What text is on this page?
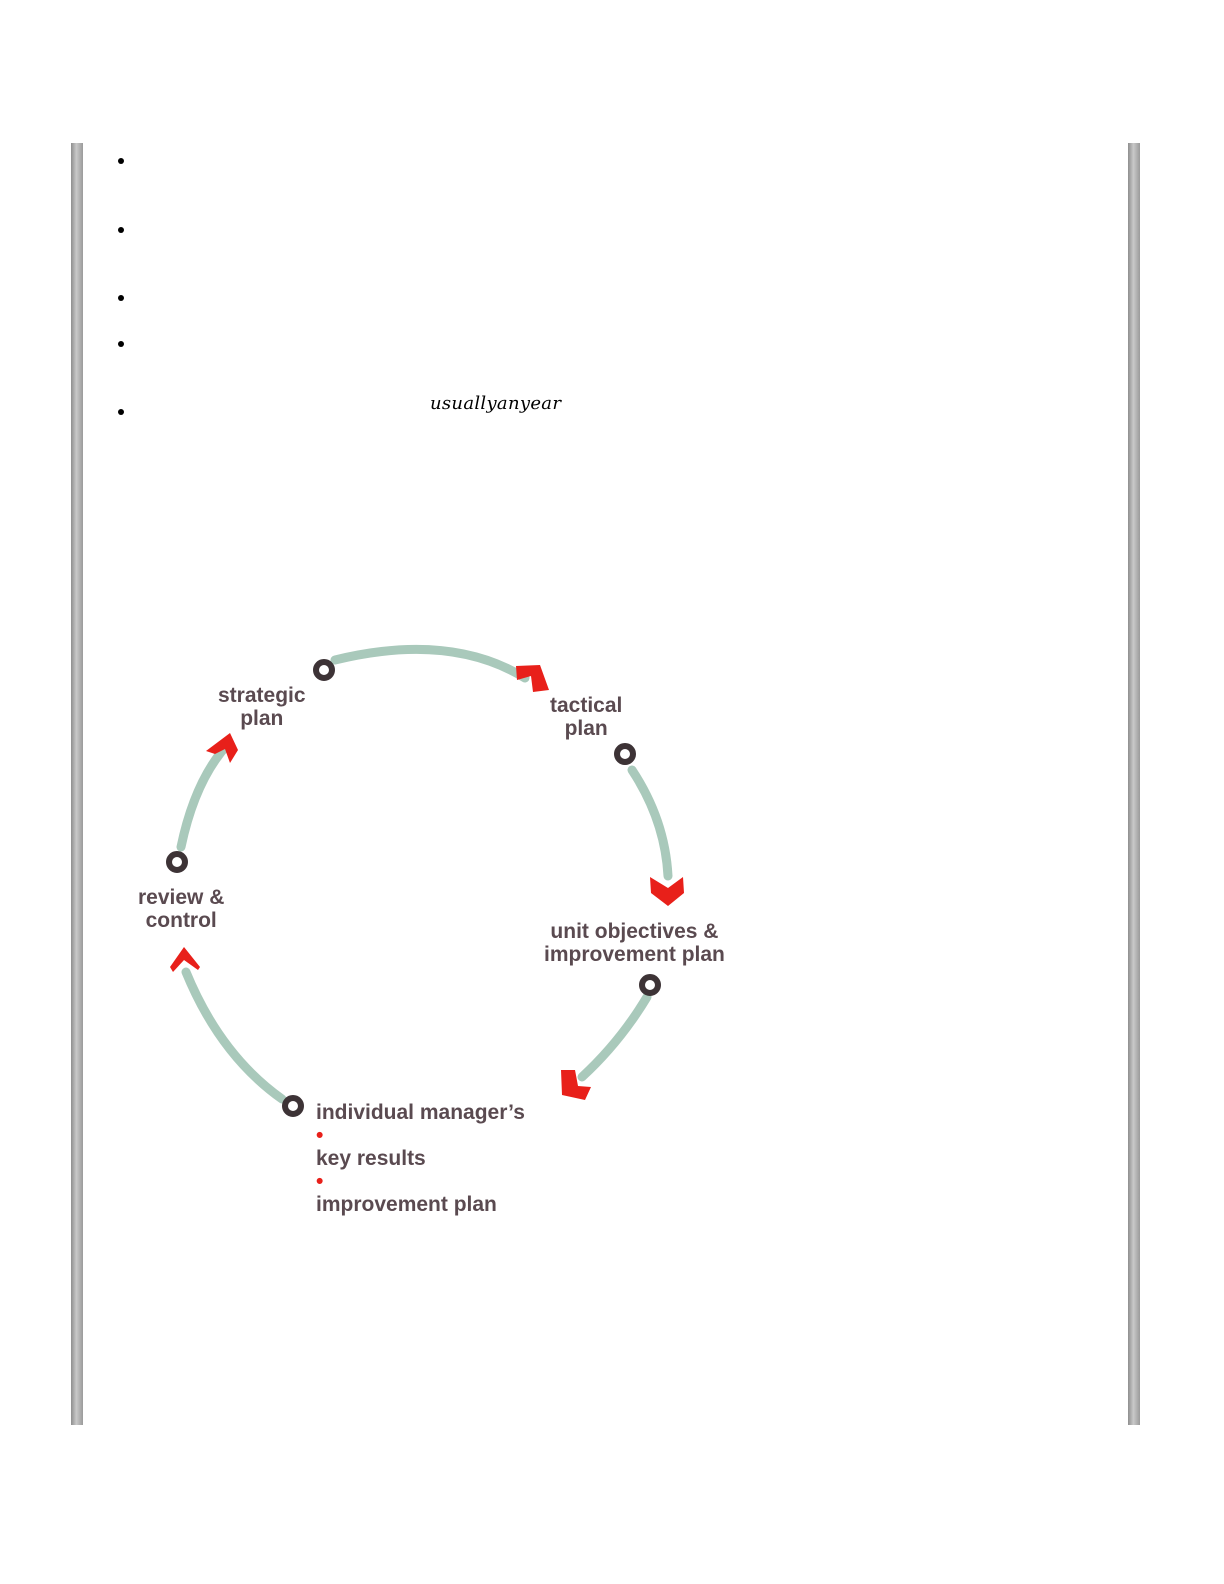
usuallyanyear
strategic
plan
tactical
plan
unit objectives &
improvement plan
individual manager’s
•
key results
•
improvement plan
review &
control
